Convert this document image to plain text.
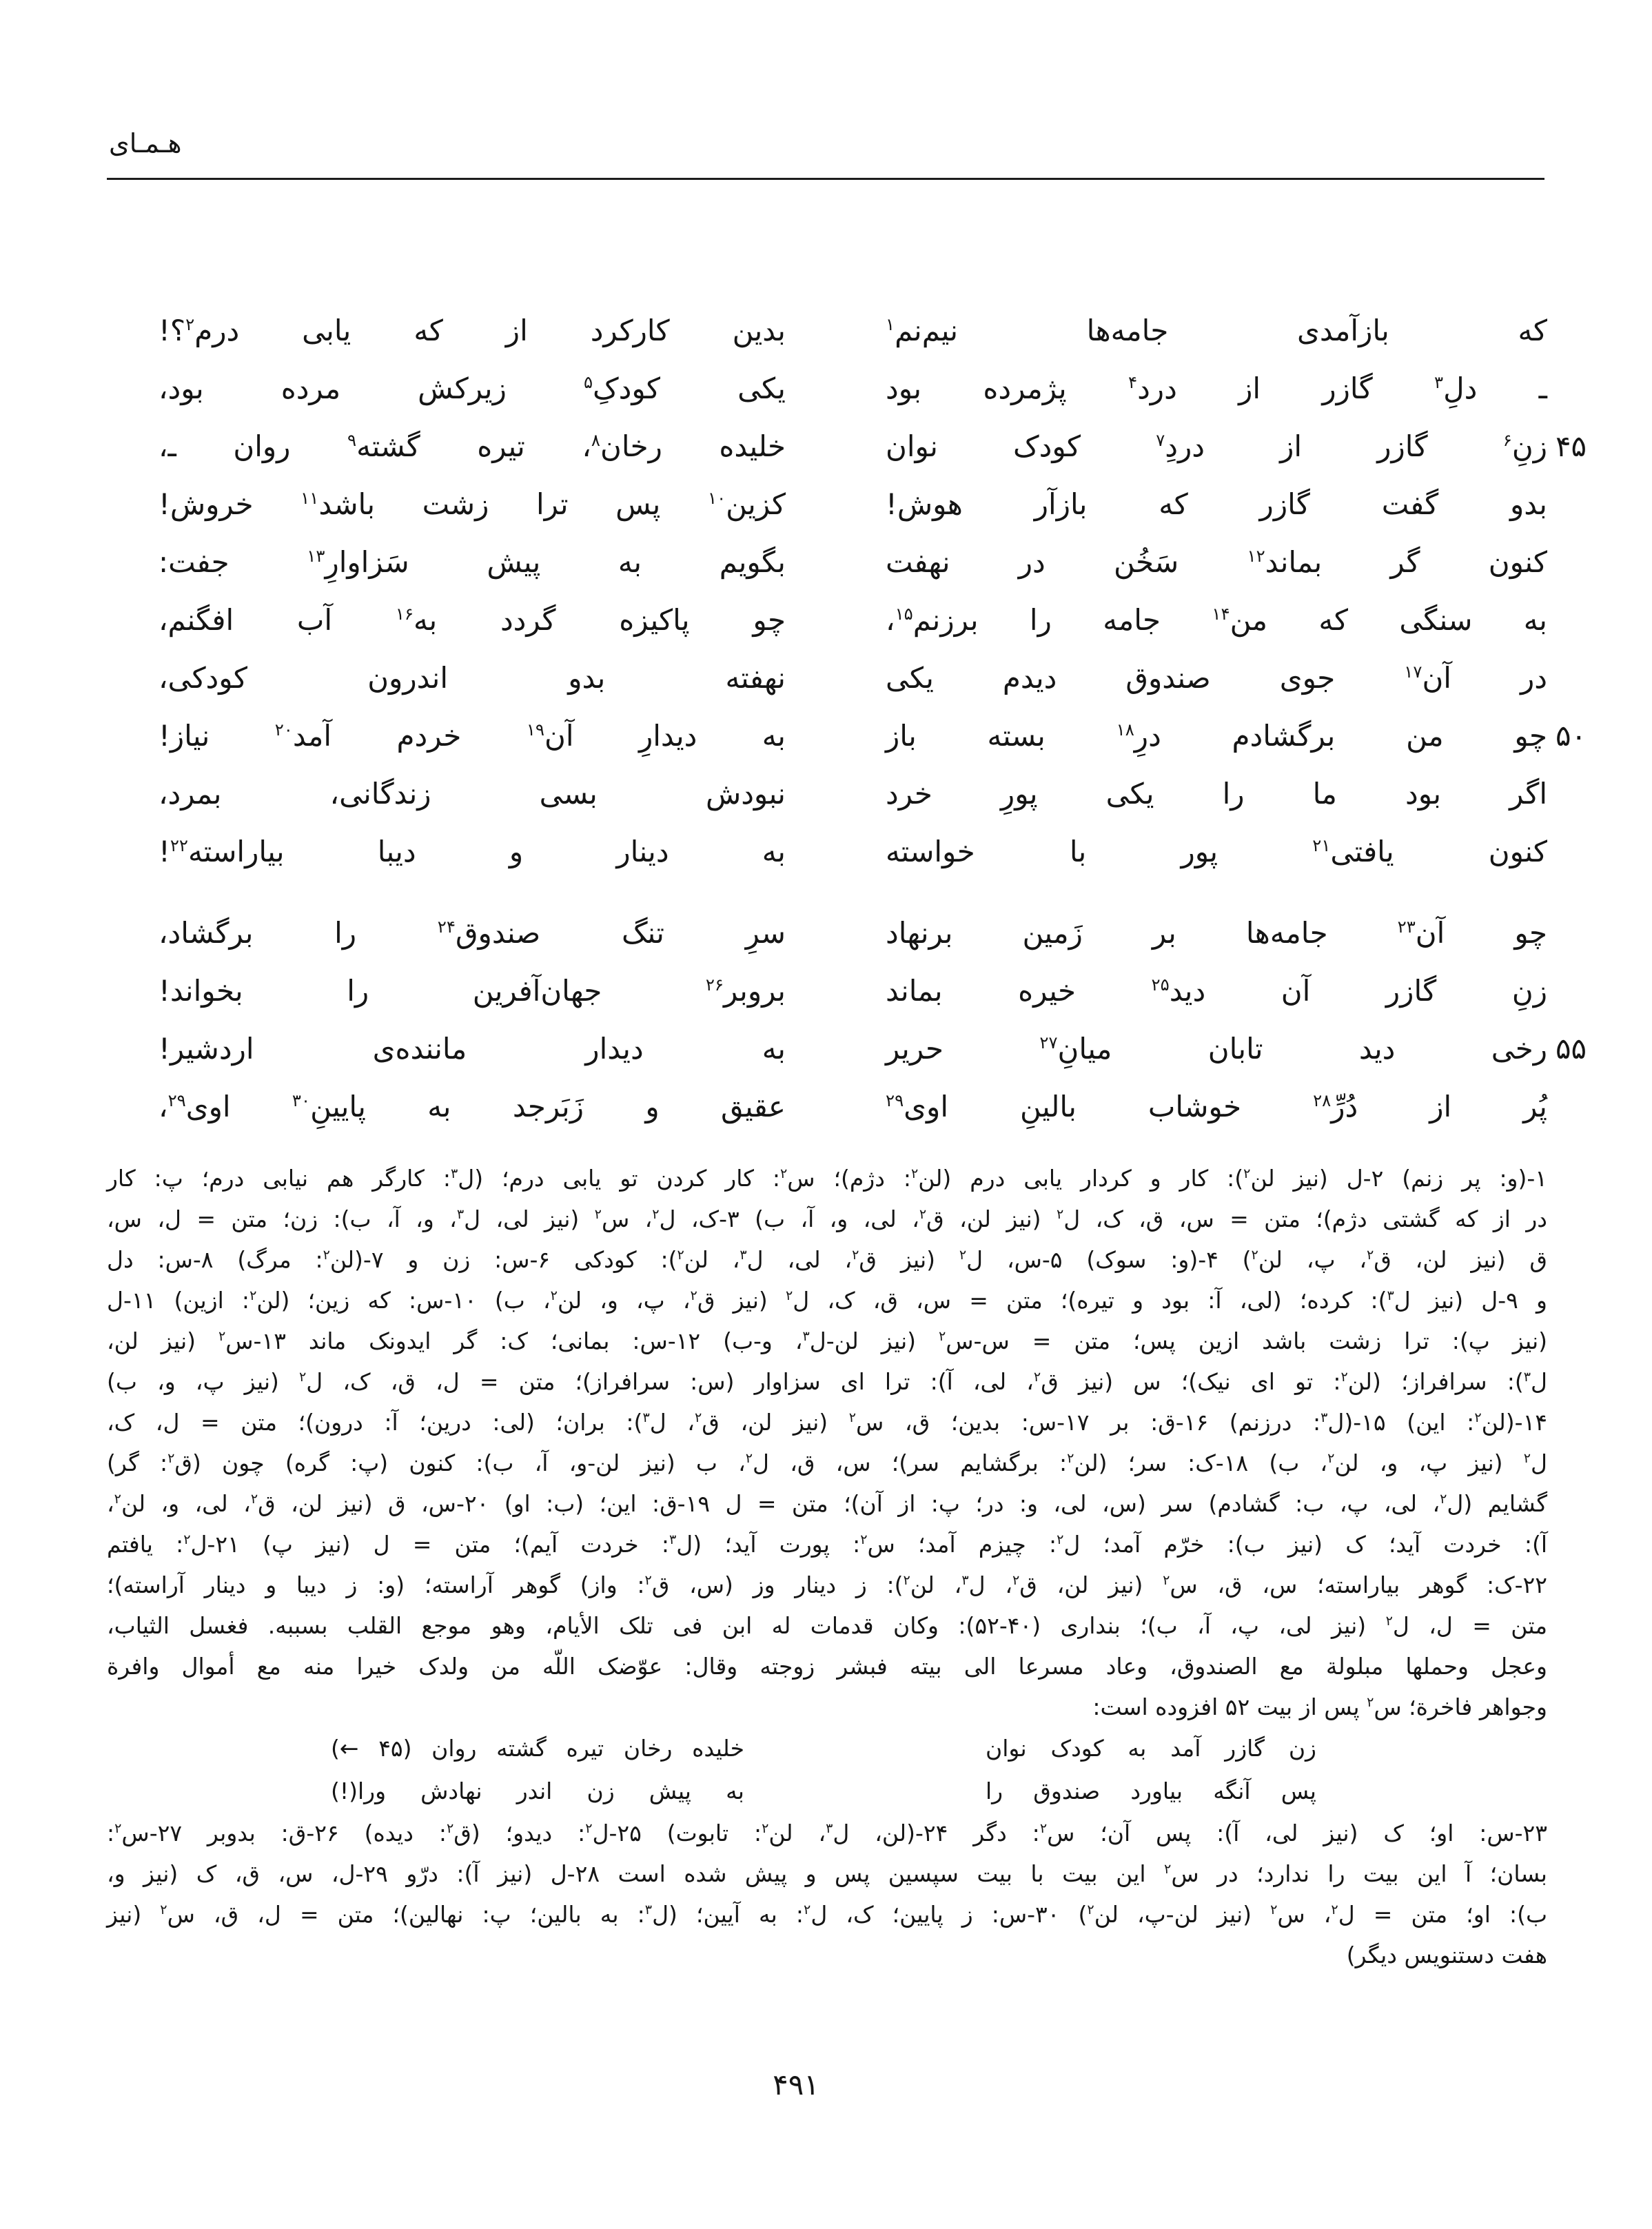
هـمـای
که بازآمدی جامه‌ها نیم‌نم$^۱$
بدین کارکرد از که یابی درم$^۲$؟!
ـ دلِ$^۳$ گازر از درد$^۴$ پژمرده بود
یکی کودکِ$^۵$ زیرکش مرده بود،
۴۵
زنِ$^۶$ گازر از دردِ$^۷$ کودک نوان
خلیده رخان$^۸$، تیره گشته$^۹$ روان ـ،
بدو گفت گازر که بازآر هوش!
کزین$^{۱۰}$ پس ترا زشت باشد$^{۱۱}$ خروش!
کنون گر بماند$^{۱۲}$ سَخُن در نهفت
بگویم به پیش سَزاوارِ$^{۱۳}$ جفت:
به سنگی که من$^{۱۴}$ جامه را برزنم$^{۱۵}$،
چو پاکیزه گردد به$^{۱۶}$ آب افگنم،
در آن$^{۱۷}$ جوی صندوق دیدم یکی
نهفته بدو اندرون کودکی،
۵۰
چو من برگشادم درِ$^{۱۸}$ بسته باز
به دیدارِ آن$^{۱۹}$ خردم آمد$^{۲۰}$ نیاز!
اگر بود ما را یکی پورِ خرد
نبودش بسی زندگانی، بمرد،
کنون یافتی$^{۲۱}$ پور با خواسته
به دینار و دیبا بیاراسته$^{۲۲}$!
چو آن$^{۲۳}$ جامه‌ها بر زَمین برنهاد
سرِ تنگ صندوق$^{۲۴}$ را برگشاد،
زنِ گازر آن دید$^{۲۵}$ خیره بماند
بروبر$^{۲۶}$ جهان‌آفرین را بخواند!
۵۵
رخی دید تابان میانِ$^{۲۷}$ حریر
به دیدار ماننده‌ی اردشیر!
پُر از دُرِّ$^{۲۸}$ خوشاب بالینِ اوی$^{۲۹}$
عقیق و زَبَرجد به پایینِ$^{۳۰}$ اوی$^{۲۹}$،
۱-(و: پر زنم) ۲-ل (نیز لن$^۲$): کار و کردار یابی درم (لن$^۲$: دژم)؛ س$^۲$: کار کردن تو یابی درم؛ (ل$^۳$: کارگر هم نیابی درم؛ پ: کار
در از که گشتی دژم)؛ متن = س، ق، ک، ل$^۲$ (نیز لن، ق$^۲$، لی، و، آ، ب) ۳-ک، ل$^۲$، س$^۲$ (نیز لی، ل$^۳$، و، آ، ب): زن؛ متن = ل، س،
ق (نیز لن، ق$^۲$، پ، لن$^۲$) ۴-(و: سوک) ۵-س، ل$^۲$ (نیز ق$^۲$، لی، ل$^۳$، لن$^۲$): کودکی ۶-س: زن و ۷-(لن$^۲$: مرگ) ۸-س: دل
و ۹-ل (نیز ل$^۳$): کرده؛ (لی، آ: بود و تیره)؛ متن = س، ق، ک، ل$^۲$ (نیز ق$^۲$، پ، و، لن$^۲$، ب) ۱۰-س: که زین؛ (لن$^۲$: ازین) ۱۱-ل
(نیز پ): ترا زشت باشد ازین پس؛ متن = س-س$^۲$ (نیز لن-ل$^۳$، و-ب) ۱۲-س: بمانی؛ ک: گر ایدونک ماند ۱۳-س$^۲$ (نیز لن،
ل$^۳$): سرافراز؛ (لن$^۲$: تو ای نیک)؛ س (نیز ق$^۲$، لی، آ): ترا ای سزاوار (س: سرافراز)؛ متن = ل، ق، ک، ل$^۲$ (نیز پ، و، ب)
۱۴-(لن$^۲$: این) ۱۵-(ل$^۳$: درزنم) ۱۶-ق: بر ۱۷-س: بدین؛ ق، س$^۲$ (نیز لن، ق$^۲$، ل$^۳$): بران؛ (لی: درین؛ آ: درون)؛ متن = ل، ک،
ل$^۲$ (نیز پ، و، لن$^۲$، ب) ۱۸-ک: سر؛ (لن$^۲$: برگشایم سر)؛ س، ق، ل$^۲$، ب (نیز لن-و، آ، ب): کنون (پ: گره) چون (ق$^۲$: گر)
گشایم (ل$^۲$، لی، پ، ب: گشادم) سر (س، لی، و: در؛ پ: از آن)؛ متن = ل ۱۹-ق: این؛ (ب: او) ۲۰-س، ق (نیز لن، ق$^۲$، لی، و، لن$^۲$،
آ): خردت آید؛ ک (نیز ب): خرّم آمد؛ ل$^۲$: چیزم آمد؛ س$^۲$: پورت آید؛ (ل$^۳$: خردت آیم)؛ متن = ل (نیز پ) ۲۱-ل$^۲$: یافتم
۲۲-ک: گوهر بیاراسته؛ س، ق، س$^۲$ (نیز لن، ق$^۲$، ل$^۳$، لن$^۲$): ز دینار وز (س، ق$^۲$: واز) گوهر آراسته؛ (و: ز دیبا و دینار آراسته)؛
متن = ل، ل$^۲$ (نیز لی، پ، آ، ب)؛ بنداری (۴۰-۵۲): وکان قدمات له ابن فی تلک الأیام، وهو موجع القلب بسببه. فغسل الثیاب،
وعجل وحملها مبلولة مع الصندوق، وعاد مسرعا الی بیته فبشر زوجته وقال: عوّضک اللّه من ولدک خیرا منه مع أموال وافرة
وجواهر فاخرة؛ س$^۲$ پس از بیت ۵۲ افزوده است:
زن گازر آمد به کودک نوان
خلیده رخان تیره گشته روان (۴۵ ←)
پس آنگه بیاورد صندوق را
به پیش زن اندر نهادش ورا(!)
۲۳-س: او؛ ک (نیز لی، آ): پس آن؛ س$^۲$: دگر ۲۴-(لن، ل$^۳$، لن$^۲$: تابوت) ۲۵-ل$^۲$: دیدو؛ (ق$^۲$: دیده) ۲۶-ق: بدوبر ۲۷-س$^۲$:
بسان؛ آ این بیت را ندارد؛ در س$^۲$ این بیت با بیت سپسین پس و پیش شده است ۲۸-ل (نیز آ): درّو ۲۹-ل، س، ق، ک (نیز و،
ب): او؛ متن = ل$^۲$، س$^۲$ (نیز لن-پ، لن$^۲$) ۳۰-س: ز پایین؛ ک، ل$^۲$: به آیین؛ (ل$^۳$: به بالین؛ پ: نهالین)؛ متن = ل، ق، س$^۲$ (نیز
هفت دستنویس دیگر)
۴۹۱
